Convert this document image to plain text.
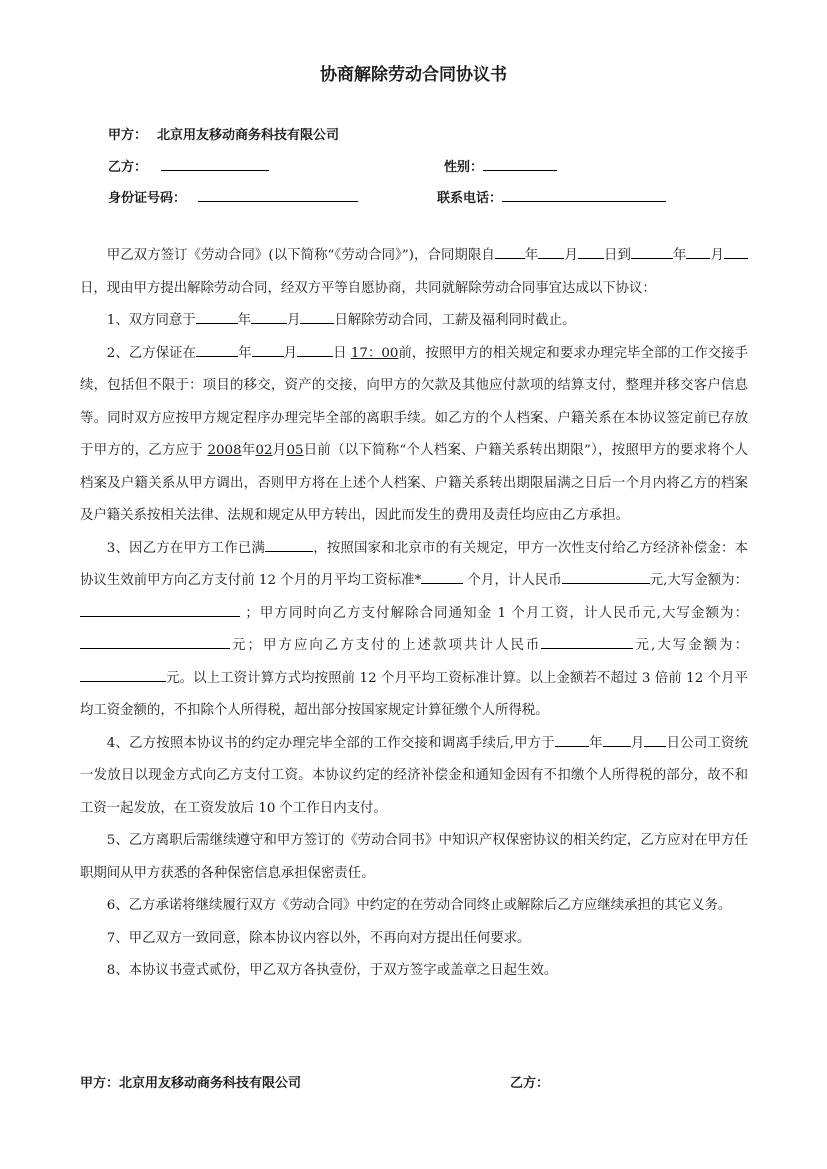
协商解除劳动合同协议书
甲方： 北京用友移动商务科技有限公司
乙方：	性别：
身份证号码：	联系电话：

甲乙双方签订《劳动合同》(以下简称“《劳动合同》”)，合同期限自 年 月 日到	年 月日，现由甲方提出解除劳动合同，经双方平等自愿协商，共同就解除劳动合同事宜达成以下协议：

1、双方同意于	年	月	日解除劳动合同，工薪及福利同时截止。

2、乙方保证在	年 月	日 17：00前，按照甲方的相关规定和要求办理完毕全部的工作交接手续，包括但不限于：项目的移交，资产的交接，向甲方的欠款及其他应付款项的结算支付，整理并移交客户信息等。同时双方应按甲方规定程序办理完毕全部的离职手续。如乙方的个人档案、户籍关系在本协议签定前已存放于甲方的，乙方应于 2008年02月05日前（以下简称“个人档案、户籍关系转出期限”），按照甲方的要求将个人档案及户籍关系从甲方调出，否则甲方将在上述个人档案、户籍关系转出期限届满之日后一个月内将乙方的档案及户籍关系按相关法律、法规和规定从甲方转出，因此而发生的费用及责任均应由乙方承担。

3、因乙方在甲方工作已满	，按照国家和北京市的有关规定，甲方一次性支付给乙方经济补偿金：本协议生效前甲方向乙方支付前 12 个月的月平均工资标准*	个月，计人民币	元,大写金额为： ；甲方同时向乙方支付解除合同通知金 1 个月工资，计人民币元,大写金额为：元；甲方应向乙方支付的上述款项共计人民币	元,大写金额为：元。以上工资计算方式均按照前 12 个月平均工资标准计算。以上金额若不超过 3 倍前 12 个月平均工资金额的，不扣除个人所得税，超出部分按国家规定计算征缴个人所得税。

4、乙方按照本协议书的约定办理完毕全部的工作交接和调离手续后,甲方于	年 月 日公司工资统一发放日以现金方式向乙方支付工资。本协议约定的经济补偿金和通知金因有不扣缴个人所得税的部分，故不和工资一起发放，在工资发放后 10 个工作日内支付。

5、乙方离职后需继续遵守和甲方签订的《劳动合同书》中知识产权保密协议的相关约定，乙方应对在甲方任职期间从甲方获悉的各种保密信息承担保密责任。

6、乙方承诺将继续履行双方《劳动合同》中约定的在劳动合同终止或解除后乙方应继续承担的其它义务。

7、甲乙双方一致同意，除本协议内容以外，不再向对方提出任何要求。

8、本协议书壹式贰份，甲乙双方各执壹份，于双方签字或盖章之日起生效。

甲方：北京用友移动商务科技有限公司	乙方：
